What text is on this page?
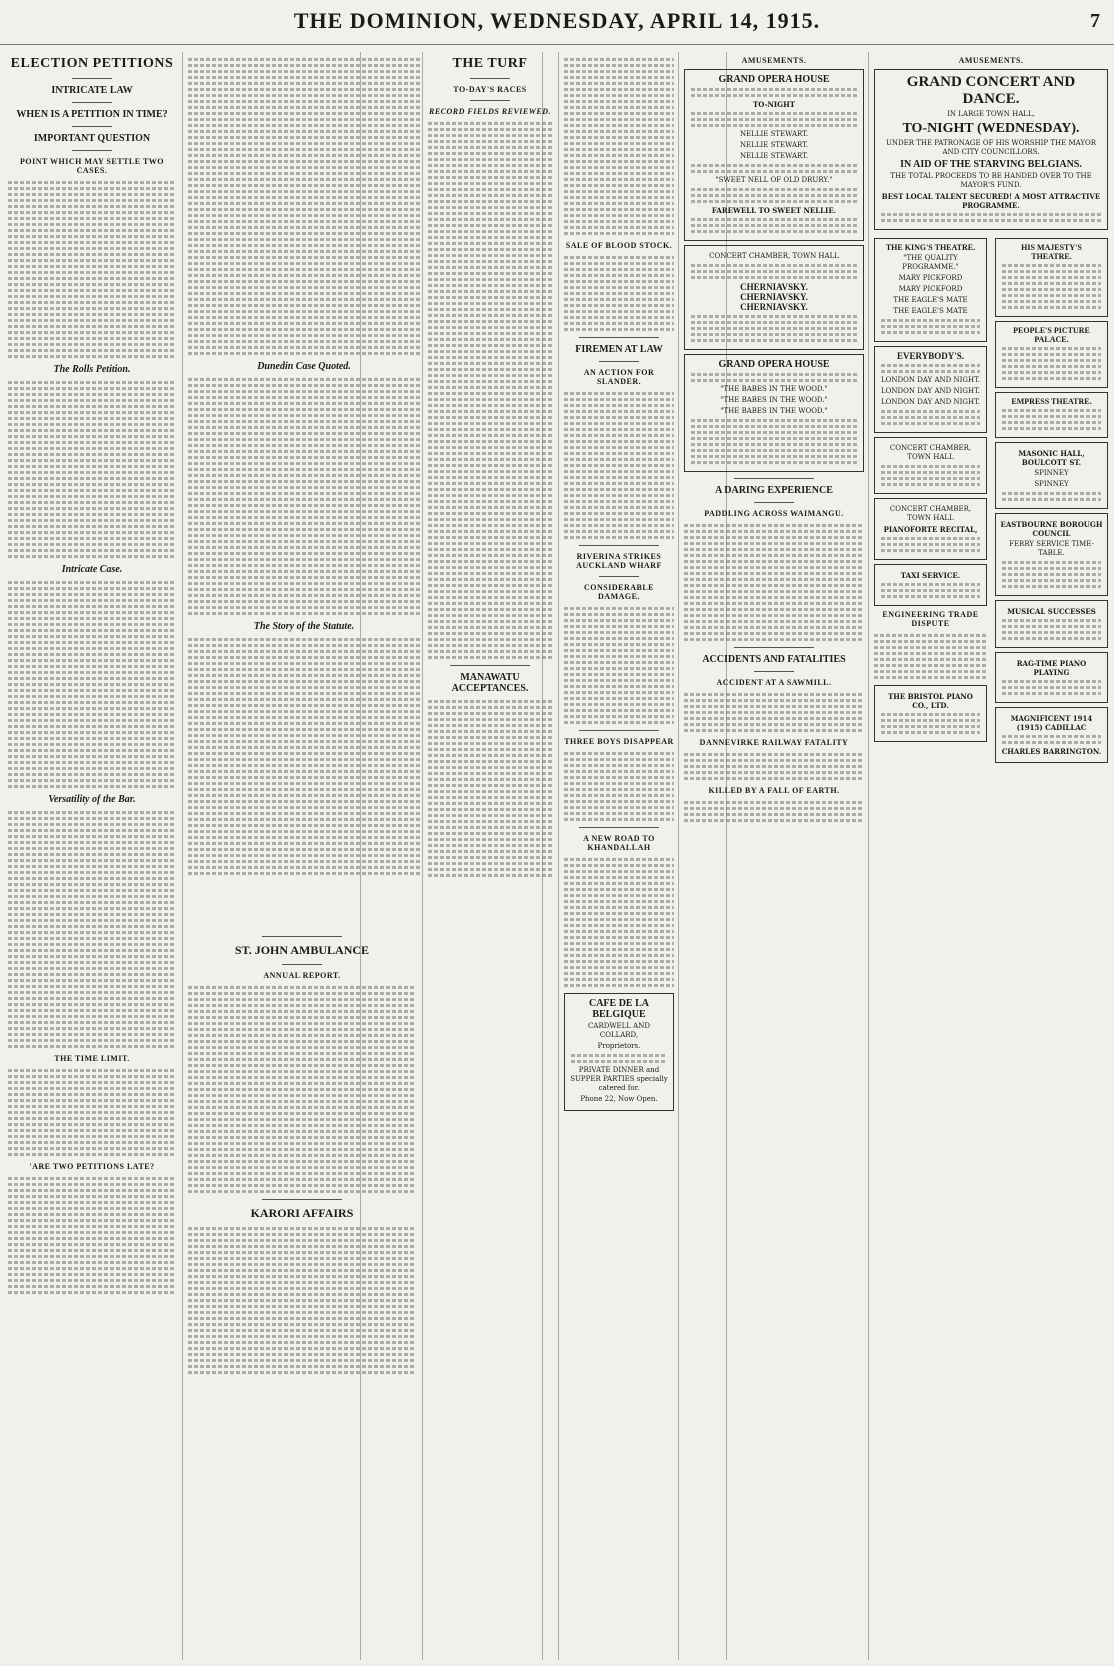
THE DOMINION, WEDNESDAY, APRIL 14, 1915.	7
ELECTION PETITIONS
INTRICATE LAW
WHEN IS A PETITION IN TIME?
IMPORTANT QUESTION
POINT WHICH MAY SETTLE TWO CASES.
The Rolls Petition.
Intricate Case.
Versatility of the Bar.
THE TIME LIMIT.
'ARE TWO PETITIONS LATE?
Dunedin Case Quoted.
The Story of the Statute.
THE TURF
TO-DAY'S RACES
RECORD FIELDS REVIEWED.
MANAWATU ACCEPTANCES.
ST. JOHN AMBULANCE
ANNUAL REPORT.
KARORI AFFAIRS
SALE OF BLOOD STOCK.
FIREMEN AT LAW
AN ACTION FOR SLANDER.
RIVERINA STRIKES AUCKLAND WHARF
CONSIDERABLE DAMAGE.
THREE BOYS DISAPPEAR
A NEW ROAD TO KHANDALLAH
CAFE DE LA BELGIQUE
CARDWELL AND COLLARD,
Proprietors.
PRIVATE DINNER and SUPPER PARTIES specially catered for.
Phone 22, Now Open.
AMUSEMENTS.
GRAND OPERA HOUSE
TO-NIGHT
NELLIE STEWART.
NELLIE STEWART.
NELLIE STEWART.
"SWEET NELL OF OLD DRURY."
FAREWELL TO SWEET NELLIE.
CONCERT CHAMBER, TOWN HALL
CHERNIAVSKY.
CHERNIAVSKY.
CHERNIAVSKY.
GRAND OPERA HOUSE
"THE BABES IN THE WOOD."
"THE BABES IN THE WOOD."
"THE BABES IN THE WOOD."
A DARING EXPERIENCE
PADDLING ACROSS WAIMANGU.
ACCIDENTS AND FATALITIES
ACCIDENT AT A SAWMILL.
DANNEVIRKE RAILWAY FATALITY
KILLED BY A FALL OF EARTH.
AMUSEMENTS.
GRAND CONCERT AND DANCE.
IN LARGE TOWN HALL,
TO-NIGHT (WEDNESDAY).
UNDER THE PATRONAGE OF HIS WORSHIP THE MAYOR AND CITY COUNCILLORS.
IN AID OF THE STARVING BELGIANS.
THE TOTAL PROCEEDS TO BE HANDED OVER TO THE MAYOR'S FUND.
BEST LOCAL TALENT SECURED! A MOST ATTRACTIVE PROGRAMME.
THE KING'S THEATRE.
"THE QUALITY PROGRAMME."
MARY PICKFORD
MARY PICKFORD
THE EAGLE'S MATE
THE EAGLE'S MATE
EVERYBODY'S.
LONDON DAY AND NIGHT.
LONDON DAY AND NIGHT.
LONDON DAY AND NIGHT.
CONCERT CHAMBER, TOWN HALL
CONCERT CHAMBER, TOWN HALL
PIANOFORTE RECITAL,
TAXI SERVICE.
ENGINEERING TRADE DISPUTE
THE BRISTOL PIANO CO., LTD.
HIS MAJESTY'S THEATRE.
PEOPLE'S PICTURE PALACE.
EMPRESS THEATRE.
MASONIC HALL, BOULCOTT ST.
SPINNEY
SPINNEY
EASTBOURNE BOROUGH COUNCIL
FERRY SERVICE TIME-TABLE.
MUSICAL SUCCESSES
RAG-TIME PIANO PLAYING
MAGNIFICENT 1914 (1915) CADILLAC
CHARLES BARRINGTON.
